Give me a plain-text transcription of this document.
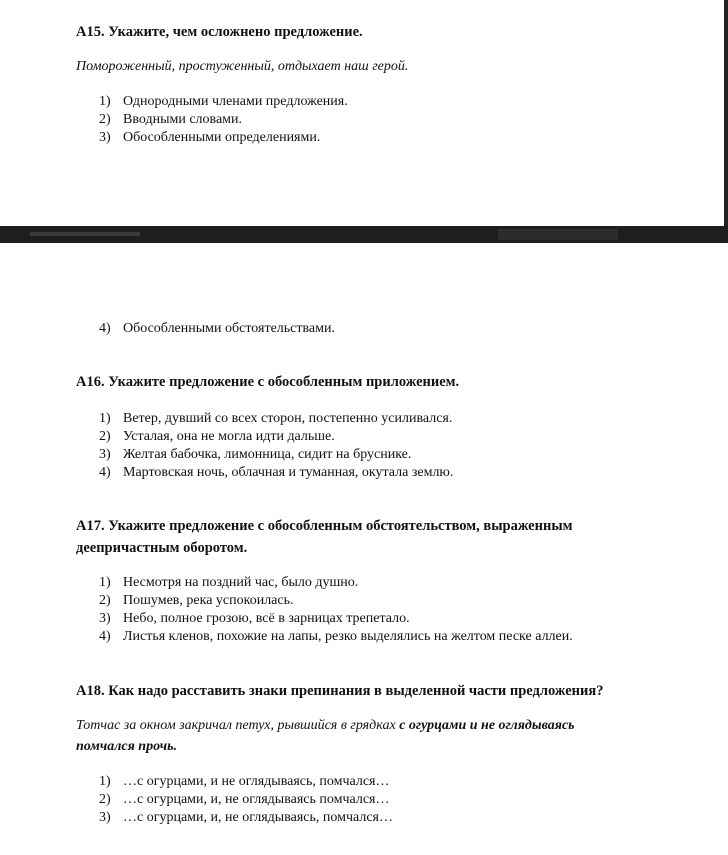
А15. Укажите, чем осложнено предложение.
Помороженный, простуженный, отдыхает наш герой.
1) Однородными членами предложения.
2) Вводными словами.
3) Обособленными определениями.
4) Обособленными обстоятельствами.
А16. Укажите предложение с обособленным приложением.
1) Ветер, дувший со всех сторон, постепенно усиливался.
2) Усталая, она не могла идти дальше.
3) Желтая бабочка, лимонница, сидит на бруснике.
4) Мартовская ночь, облачная и туманная, окутала землю.
А17. Укажите предложение с обособленным обстоятельством, выраженным
деепричастным оборотом.
1) Несмотря на поздний час, было душно.
2) Пошумев, река успокоилась.
3) Небо, полное грозою, всё в зарницах трепетало.
4) Листья кленов, похожие на лапы, резко выделялись на желтом песке аллеи.
А18. Как надо расставить знаки препинания в выделенной части предложения?
Тотчас за окном закричал петух, рывшийся в грядках с огурцами и не оглядываясь
помчался прочь.
1) …с огурцами, и не оглядываясь, помчался…
2) …с огурцами, и, не оглядываясь помчался…
3) …с огурцами, и, не оглядываясь, помчался…
